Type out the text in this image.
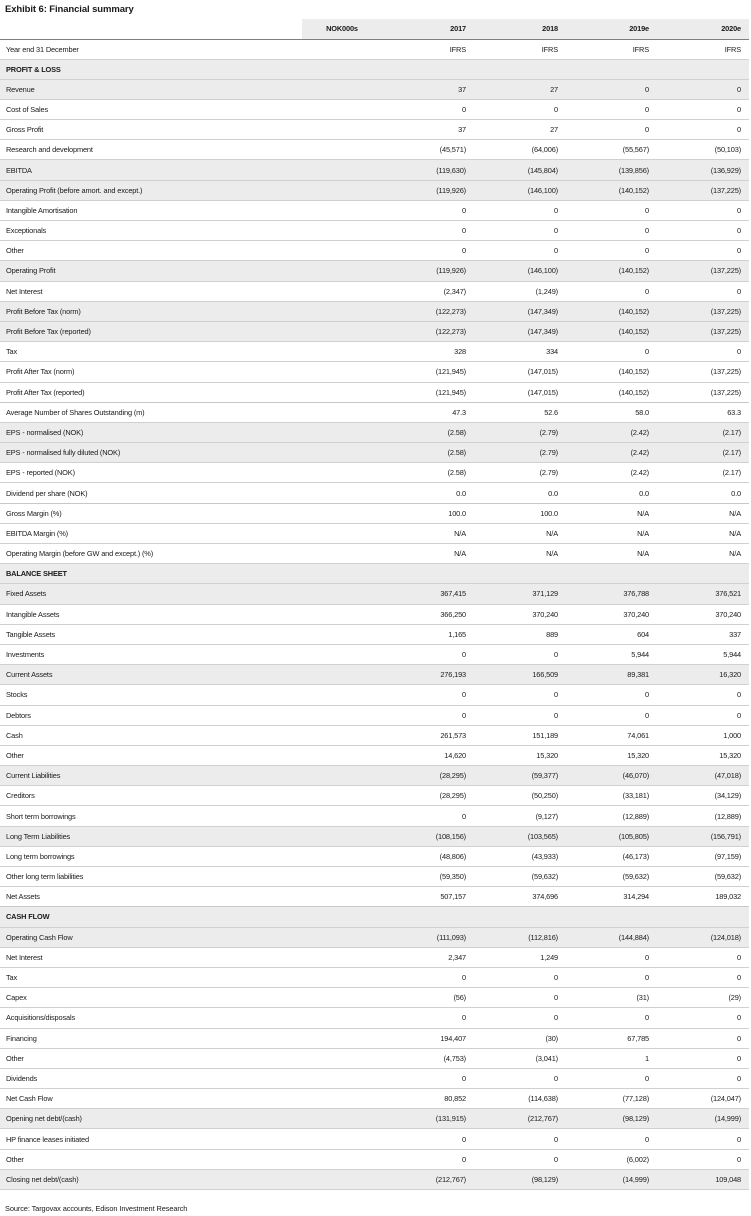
Exhibit 6: Financial summary
	NOK000s	2017	2018	2019e	2020e
Year end 31 December		IFRS	IFRS	IFRS	IFRS
PROFIT & LOSS					
Revenue		37	27	0	0
Cost of Sales		0	0	0	0
Gross Profit		37	27	0	0
Research and development		(45,571)	(64,006)	(55,567)	(50,103)
EBITDA		(119,630)	(145,804)	(139,856)	(136,929)
Operating Profit (before amort. and except.)		(119,926)	(146,100)	(140,152)	(137,225)
Intangible Amortisation		0	0	0	0
Exceptionals		0	0	0	0
Other		0	0	0	0
Operating Profit		(119,926)	(146,100)	(140,152)	(137,225)
Net Interest		(2,347)	(1,249)	0	0
Profit Before Tax (norm)		(122,273)	(147,349)	(140,152)	(137,225)
Profit Before Tax (reported)		(122,273)	(147,349)	(140,152)	(137,225)
Tax		328	334	0	0
Profit After Tax (norm)		(121,945)	(147,015)	(140,152)	(137,225)
Profit After Tax (reported)		(121,945)	(147,015)	(140,152)	(137,225)
Average Number of Shares Outstanding (m)		47.3	52.6	58.0	63.3
EPS - normalised (NOK)		(2.58)	(2.79)	(2.42)	(2.17)
EPS - normalised fully diluted (NOK)		(2.58)	(2.79)	(2.42)	(2.17)
EPS - reported (NOK)		(2.58)	(2.79)	(2.42)	(2.17)
Dividend per share (NOK)		0.0	0.0	0.0	0.0
Gross Margin (%)		100.0	100.0	N/A	N/A
EBITDA Margin (%)		N/A	N/A	N/A	N/A
Operating Margin (before GW and except.) (%)		N/A	N/A	N/A	N/A
BALANCE SHEET					
Fixed Assets		367,415	371,129	376,788	376,521
Intangible Assets		366,250	370,240	370,240	370,240
Tangible Assets		1,165	889	604	337
Investments		0	0	5,944	5,944
Current Assets		276,193	166,509	89,381	16,320
Stocks		0	0	0	0
Debtors		0	0	0	0
Cash		261,573	151,189	74,061	1,000
Other		14,620	15,320	15,320	15,320
Current Liabilities		(28,295)	(59,377)	(46,070)	(47,018)
Creditors		(28,295)	(50,250)	(33,181)	(34,129)
Short term borrowings		0	(9,127)	(12,889)	(12,889)
Long Term Liabilities		(108,156)	(103,565)	(105,805)	(156,791)
Long term borrowings		(48,806)	(43,933)	(46,173)	(97,159)
Other long term liabilities		(59,350)	(59,632)	(59,632)	(59,632)
Net Assets		507,157	374,696	314,294	189,032
CASH FLOW					
Operating Cash Flow		(111,093)	(112,816)	(144,884)	(124,018)
Net Interest		2,347	1,249	0	0
Tax		0	0	0	0
Capex		(56)	0	(31)	(29)
Acquisitions/disposals		0	0	0	0
Financing		194,407	(30)	67,785	0
Other		(4,753)	(3,041)	1	0
Dividends		0	0	0	0
Net Cash Flow		80,852	(114,638)	(77,128)	(124,047)
Opening net debt/(cash)		(131,915)	(212,767)	(98,129)	(14,999)
HP finance leases initiated		0	0	0	0
Other		0	0	(6,002)	0
Closing net debt/(cash)		(212,767)	(98,129)	(14,999)	109,048
Source: Targovax accounts, Edison Investment Research
